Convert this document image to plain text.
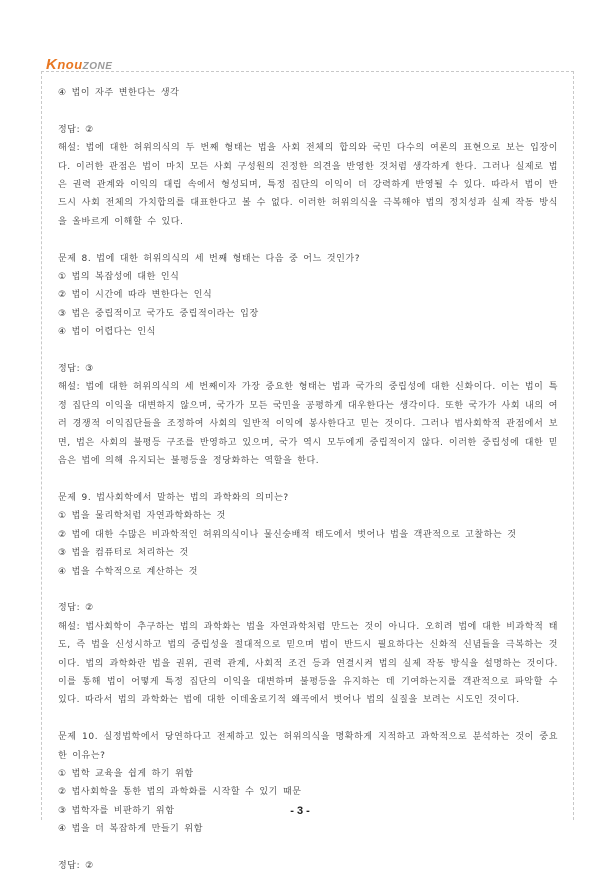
KnouZONE

④ 법이 자주 변한다는 생각

정답: ②

해설: 법에 대한 허위의식의 두 번째 형태는 법을 사회 전체의 합의와 국민 다수의 여론의 표현으로 보는 입장이다. 이러한 관점은 법이 마치 모든 사회 구성원의 진정한 의견을 반영한 것처럼 생각하게 한다. 그러나 실제로 법은 권력 관계와 이익의 대립 속에서 형성되며, 특정 집단의 이익이 더 강력하게 반영될 수 있다. 따라서 법이 반드시 사회 전체의 가치합의를 대표한다고 볼 수 없다. 이러한 허위의식을 극복해야 법의 정치성과 실제 작동 방식을 올바르게 이해할 수 있다.

문제 8. 법에 대한 허위의식의 세 번째 형태는 다음 중 어느 것인가?

① 법의 복잡성에 대한 인식

② 법이 시간에 따라 변한다는 인식

③ 법은 중립적이고 국가도 중립적이라는 입장

④ 법이 어렵다는 인식

정답: ③

해설: 법에 대한 허위의식의 세 번째이자 가장 중요한 형태는 법과 국가의 중립성에 대한 신화이다. 이는 법이 특정 집단의 이익을 대변하지 않으며, 국가가 모든 국민을 공평하게 대우한다는 생각이다. 또한 국가가 사회 내의 여러 경쟁적 이익집단들을 조정하여 사회의 일반적 이익에 봉사한다고 믿는 것이다. 그러나 법사회학적 관점에서 보면, 법은 사회의 불평등 구조를 반영하고 있으며, 국가 역시 모두에게 중립적이지 않다. 이러한 중립성에 대한 믿음은 법에 의해 유지되는 불평등을 정당화하는 역할을 한다.

문제 9. 법사회학에서 말하는 법의 과학화의 의미는?

① 법을 물리학처럼 자연과학화하는 것

② 법에 대한 수많은 비과학적인 허위의식이나 물신숭배적 태도에서 벗어나 법을 객관적으로 고찰하는 것

③ 법을 컴퓨터로 처리하는 것

④ 법을 수학적으로 계산하는 것

정답: ②

해설: 법사회학이 추구하는 법의 과학화는 법을 자연과학처럼 만드는 것이 아니다. 오히려 법에 대한 비과학적 태도, 즉 법을 신성시하고 법의 중립성을 절대적으로 믿으며 법이 반드시 필요하다는 신화적 신념들을 극복하는 것이다. 법의 과학화란 법을 권위, 권력 관계, 사회적 조건 등과 연결시켜 법의 실제 작동 방식을 설명하는 것이다. 이를 통해 법이 어떻게 특정 집단의 이익을 대변하며 불평등을 유지하는 데 기여하는지를 객관적으로 파악할 수 있다. 따라서 법의 과학화는 법에 대한 이데올로기적 왜곡에서 벗어나 법의 실질을 보려는 시도인 것이다.

문제 10. 실정법학에서 당연하다고 전제하고 있는 허위의식을 명확하게 지적하고 과학적으로 분석하는 것이 중요한 이유는?

① 법학 교육을 쉽게 하기 위함

② 법사회학을 통한 법의 과학화를 시작할 수 있기 때문

③ 법학자를 비판하기 위함

④ 법을 더 복잡하게 만들기 위함

정답: ②

- 3 -
